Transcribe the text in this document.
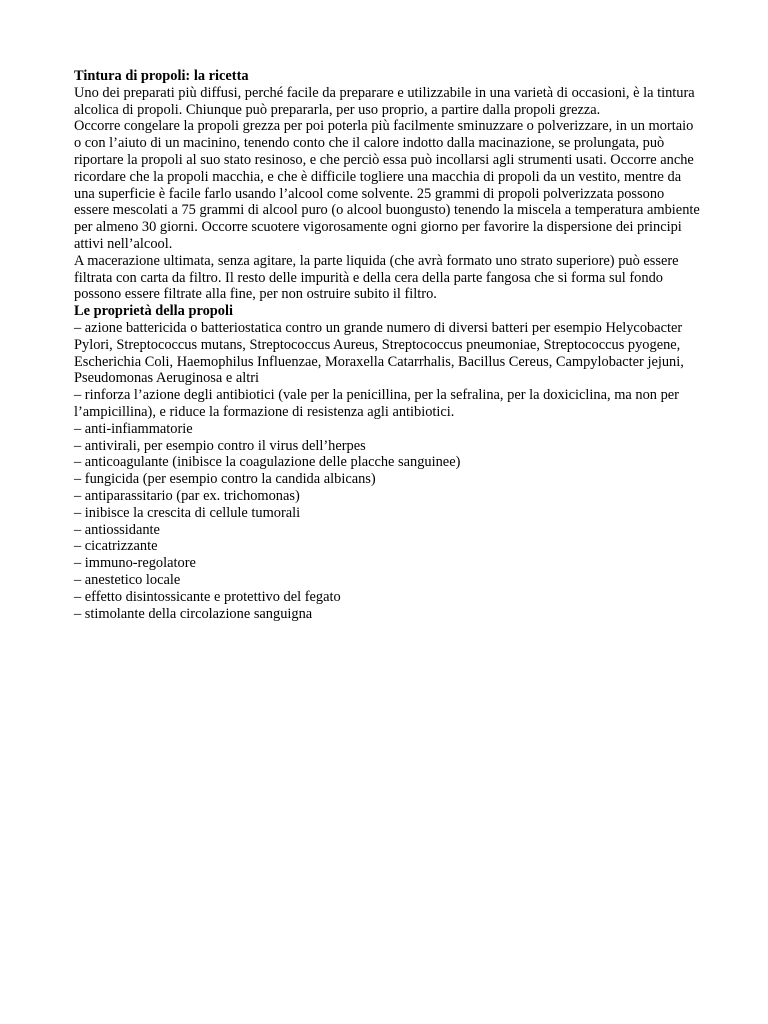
Tintura di propoli: la ricetta

Uno dei preparati più diffusi, perché facile da preparare e utilizzabile in una varietà di occasioni, è la tintura alcolica di propoli. Chiunque può prepararla, per uso proprio, a partire dalla propoli grezza.

Occorre congelare la propoli grezza per poi poterla più facilmente sminuzzare o polverizzare, in un mortaio o con l’aiuto di un macinino, tenendo conto che il calore indotto dalla macinazione, se prolungata, può riportare la propoli al suo stato resinoso, e che perciò essa può incollarsi agli strumenti usati. Occorre anche ricordare che la propoli macchia, e che è difficile togliere una macchia di propoli da un vestito, mentre da una superficie è facile farlo usando l’alcool come solvente. 25 grammi di propoli polverizzata possono essere mescolati a 75 grammi di alcool puro (o alcool buongusto) tenendo la miscela a temperatura ambiente per almeno 30 giorni. Occorre scuotere vigorosamente ogni giorno per favorire la dispersione dei principi attivi nell’alcool.

A macerazione ultimata, senza agitare, la parte liquida (che avrà formato uno strato superiore) può essere filtrata con carta da filtro. Il resto delle impurità e della cera della parte fangosa che si forma sul fondo possono essere filtrate alla fine, per non ostruire subito il filtro.

Le proprietà della propoli

– azione battericida o batteriostatica contro un grande numero di diversi batteri per esempio Helycobacter Pylori, Streptococcus mutans, Streptococcus Aureus, Streptococcus pneumoniae, Streptococcus pyogene, Escherichia Coli, Haemophilus Influenzae, Moraxella Catarrhalis, Bacillus Cereus, Campylobacter jejuni, Pseudomonas Aeruginosa e altri
– rinforza l’azione degli antibiotici (vale per la penicillina, per la sefralina, per la doxiciclina, ma non per l’ampicillina), e riduce la formazione di resistenza agli antibiotici.
– anti-infiammatorie
– antivirali, per esempio contro il virus dell’herpes
– anticoagulante (inibisce la coagulazione delle placche sanguinee)
– fungicida (per esempio contro la candida albicans)
– antiparassitario (par ex. trichomonas)
– inibisce la crescita di cellule tumorali
– antiossidante
– cicatrizzante
– immuno-regolatore
– anestetico locale
– effetto disintossicante e protettivo del fegato
– stimolante della circolazione sanguigna
